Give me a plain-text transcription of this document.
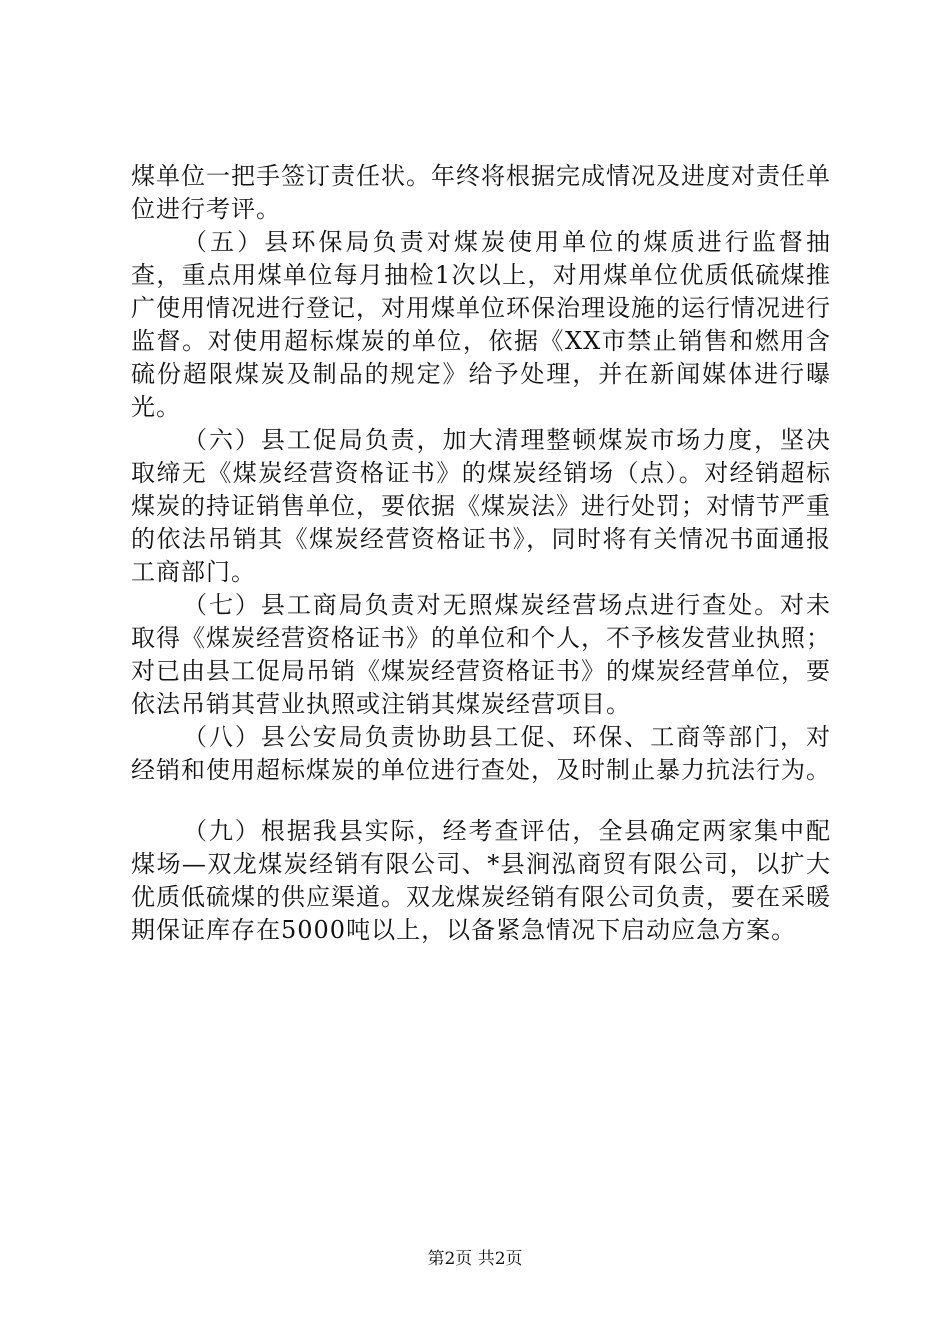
煤单位一把手签订责任状。年终将根据完成情况及进度对责任单位进行考评。

（五）县环保局负责对煤炭使用单位的煤质进行监督抽查，重点用煤单位每月抽检1次以上，对用煤单位优质低硫煤推广使用情况进行登记，对用煤单位环保治理设施的运行情况进行监督。对使用超标煤炭的单位，依据《XX市禁止销售和燃用含硫份超限煤炭及制品的规定》给予处理，并在新闻媒体进行曝光。

（六）县工促局负责，加大清理整顿煤炭市场力度，坚决取缔无《煤炭经营资格证书》的煤炭经销场（点）。对经销超标煤炭的持证销售单位，要依据《煤炭法》进行处罚；对情节严重的依法吊销其《煤炭经营资格证书》，同时将有关情况书面通报工商部门。

（七）县工商局负责对无照煤炭经营场点进行查处。对未取得《煤炭经营资格证书》的单位和个人，不予核发营业执照；对已由县工促局吊销《煤炭经营资格证书》的煤炭经营单位，要依法吊销其营业执照或注销其煤炭经营项目。

（八）县公安局负责协助县工促、环保、工商等部门，对经销和使用超标煤炭的单位进行查处，及时制止暴力抗法行为。

（九）根据我县实际，经考查评估，全县确定两家集中配煤场—双龙煤炭经销有限公司、*县涧泓商贸有限公司，以扩大优质低硫煤的供应渠道。双龙煤炭经销有限公司负责，要在采暖期保证库存在5000吨以上，以备紧急情况下启动应急方案。

第2页 共2页
